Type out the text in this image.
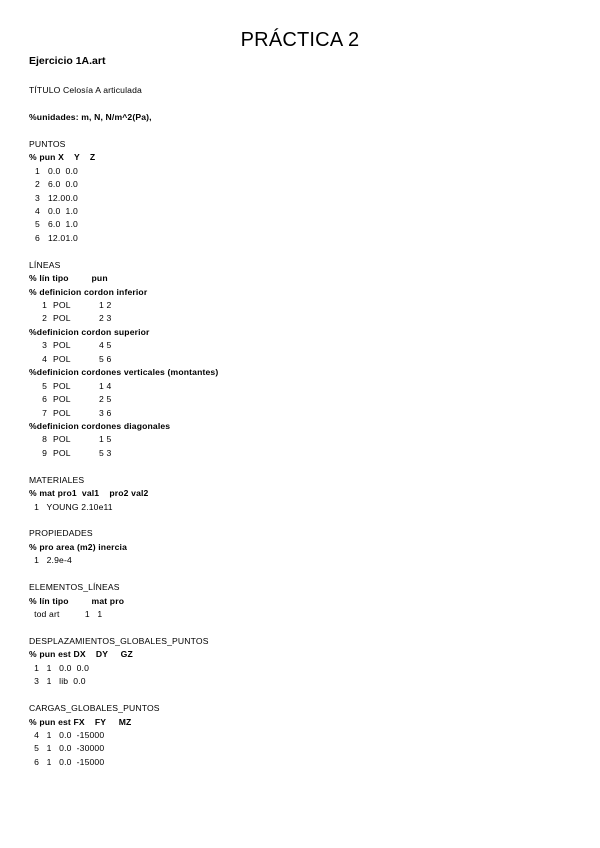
PRÁCTICA 2
Ejercicio 1A.art
TÍTULO Celosía A articulada
%unidades: m, N, N/m^2(Pa),
PUNTOS
% pun X    Y    Z
1 0.0 0.0
2 6.0 0.0
3 12.0 0.0
4 0.0 1.0
5 6.0 1.0
6 12.0 1.0
LÍNEAS
% lín tipo         pun
% definicion cordon inferior
1 POL	1 2
2 POL	2 3
%definicion cordon superior
3 POL	4 5
4 POL	5 6
%definicion cordones verticales (montantes)
5 POL	1 4
6 POL	2 5
7 POL	3 6
%definicion cordones diagonales
8 POL	1 5
9 POL	5 3
MATERIALES
% mat pro1  val1    pro2 val2
1   YOUNG 2.10e11
PROPIEDADES
% pro area (m2) inercia
1   2.9e-4
ELEMENTOS_LÍNEAS
% lín tipo         mat pro
tod art          1   1
DESPLAZAMIENTOS_GLOBALES_PUNTOS
% pun est DX    DY     GZ
1   1   0.0  0.0
3   1   lib  0.0
CARGAS_GLOBALES_PUNTOS
% pun est FX    FY     MZ
4   1   0.0  -15000
5   1   0.0  -30000
6   1   0.0  -15000
